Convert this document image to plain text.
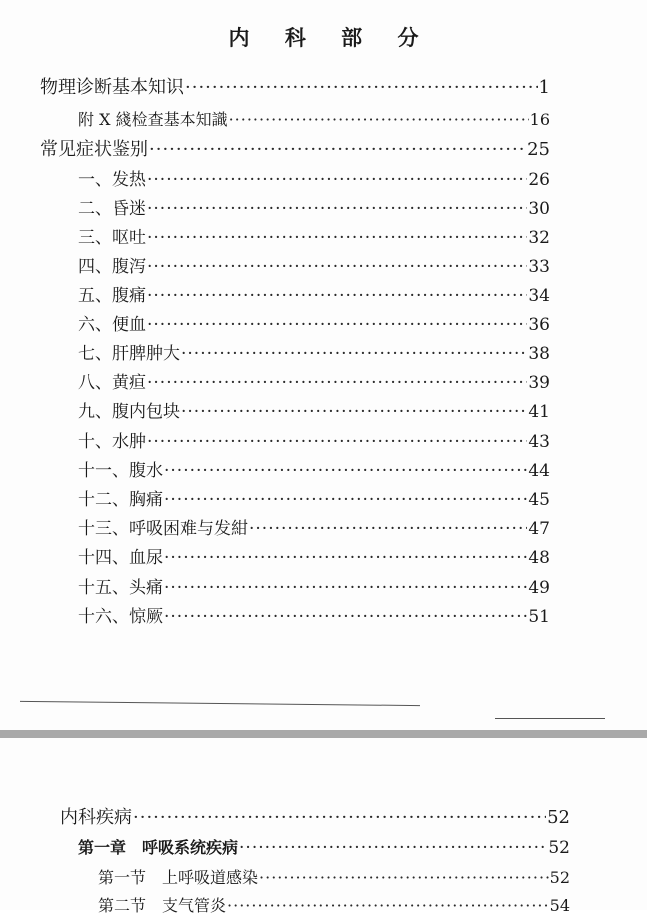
内 科 部 分
物理诊断基本知识 ·····	1
附 X 綫检查基本知識 ·····	16
常见症状鉴别 ·····	25
一、发热 ·····	26
二、昏迷 ·····	30
三、呕吐 ·····	32
四、腹泻 ·····	33
五、腹痛 ·····	34
六、便血 ·····	36
七、肝脾肿大 ·····	38
八、黄疸 ·····	39
九、腹内包块 ·····	41
十、水肿 ·····	43
十一、腹水 ·····	44
十二、胸痛 ·····	45
十三、呼吸困难与发紺 ·····	47
十四、血尿 ·····	48
十五、头痛 ·····	49
十六、惊厥 ·····	51
内科疾病 ·····	52
第一章　呼吸系统疾病 ·····	52
第一节　上呼吸道感染 ·····	52
第二节　支气管炎 ·····	54
